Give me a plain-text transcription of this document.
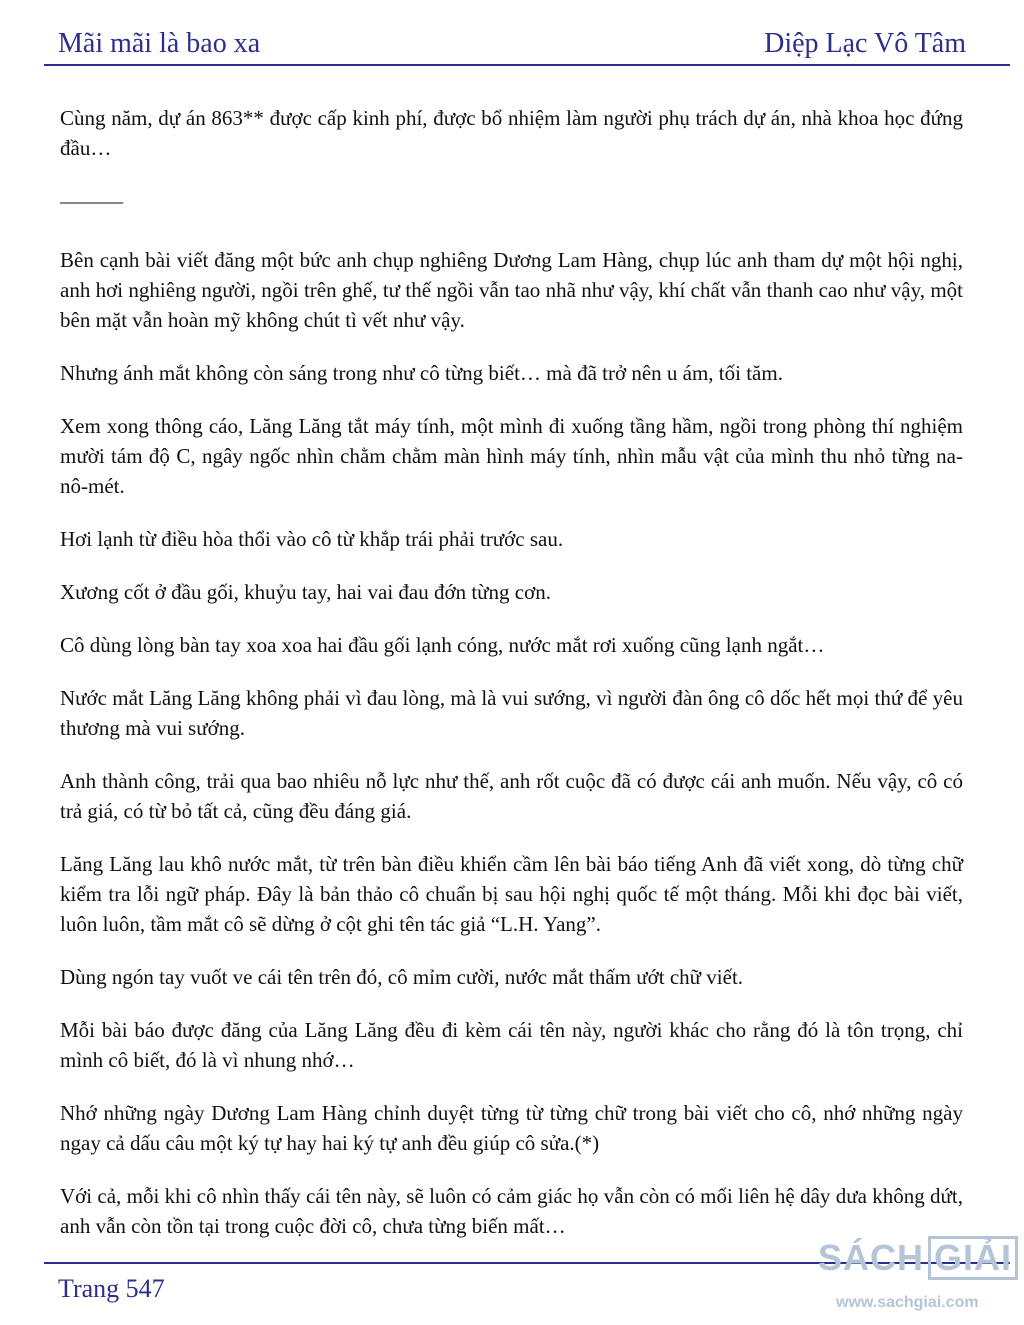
Mãi mãi là bao xa	Diệp Lạc Vô Tâm

Cùng năm, dự án 863** được cấp kinh phí, được bổ nhiệm làm người phụ trách dự án, nhà khoa học đứng đầu…

———

Bên cạnh bài viết đăng một bức anh chụp nghiêng Dương Lam Hàng, chụp lúc anh tham dự một hội nghị, anh hơi nghiêng người, ngồi trên ghế, tư thế ngồi vẫn tao nhã như vậy, khí chất vẫn thanh cao như vậy, một bên mặt vẫn hoàn mỹ không chút tì vết như vậy.

Nhưng ánh mắt không còn sáng trong như cô từng biết… mà đã trở nên u ám, tối tăm.

Xem xong thông cáo, Lăng Lăng tắt máy tính, một mình đi xuống tầng hầm, ngồi trong phòng thí nghiệm mười tám độ C, ngây ngốc nhìn chằm chằm màn hình máy tính, nhìn mẫu vật của mình thu nhỏ từng na-nô-mét.

Hơi lạnh từ điều hòa thổi vào cô từ khắp trái phải trước sau.

Xương cốt ở đầu gối, khuỷu tay, hai vai đau đớn từng cơn.

Cô dùng lòng bàn tay xoa xoa hai đầu gối lạnh cóng, nước mắt rơi xuống cũng lạnh ngắt…

Nước mắt Lăng Lăng không phải vì đau lòng, mà là vui sướng, vì người đàn ông cô dốc hết mọi thứ để yêu thương mà vui sướng.

Anh thành công, trải qua bao nhiêu nỗ lực như thế, anh rốt cuộc đã có được cái anh muốn. Nếu vậy, cô có trả giá, có từ bỏ tất cả, cũng đều đáng giá.

Lăng Lăng lau khô nước mắt, từ trên bàn điều khiển cầm lên bài báo tiếng Anh đã viết xong, dò từng chữ kiểm tra lỗi ngữ pháp. Đây là bản thảo cô chuẩn bị sau hội nghị quốc tế một tháng. Mỗi khi đọc bài viết, luôn luôn, tầm mắt cô sẽ dừng ở cột ghi tên tác giả “L.H. Yang”.

Dùng ngón tay vuốt ve cái tên trên đó, cô mỉm cười, nước mắt thấm ướt chữ viết.

Mỗi bài báo được đăng của Lăng Lăng đều đi kèm cái tên này, người khác cho rằng đó là tôn trọng, chỉ mình cô biết, đó là vì nhung nhớ…

Nhớ những ngày Dương Lam Hàng chỉnh duyệt từng từ từng chữ trong bài viết cho cô, nhớ những ngày ngay cả dấu câu một ký tự hay hai ký tự anh đều giúp cô sửa.(*)

Với cả, mỗi khi cô nhìn thấy cái tên này, sẽ luôn có cảm giác họ vẫn còn có mối liên hệ dây dưa không dứt, anh vẫn còn tồn tại trong cuộc đời cô, chưa từng biến mất…

Trang 547
SÁCH GIẢI
www.sachgiai.com
